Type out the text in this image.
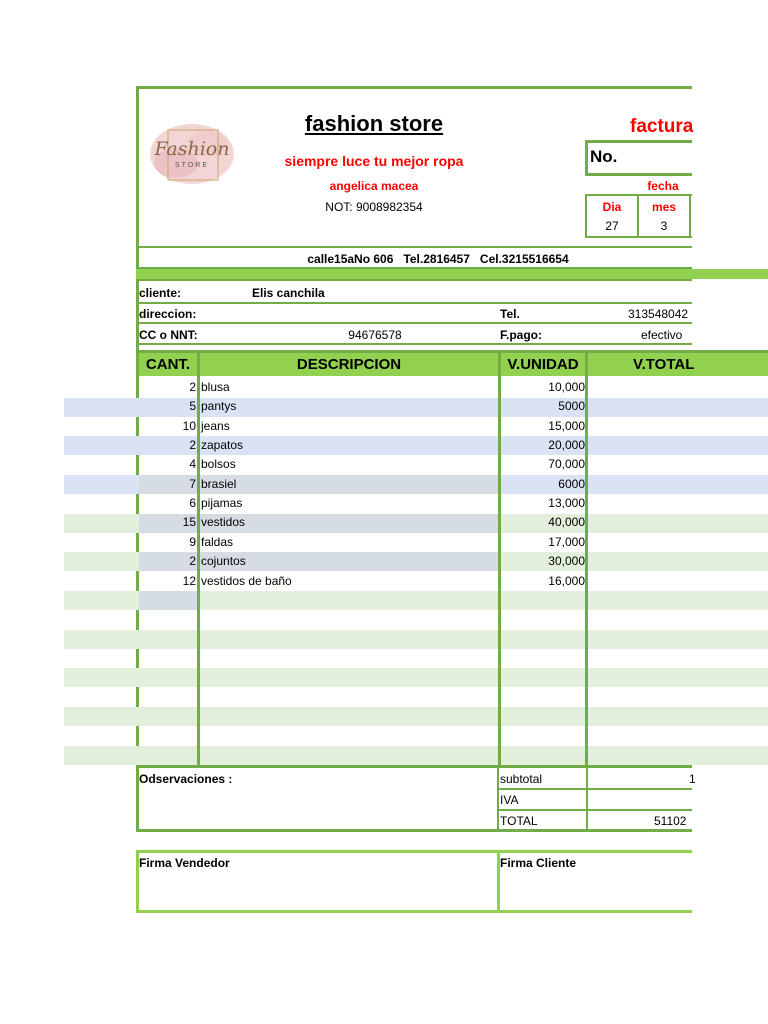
Fashion
STORE
fashion store
siempre luce tu mejor ropa
angelica macea
NOT: 9008982354
factura
No.
fecha
Dia	mes
27	3
calle15aNo 606   Tel.2816457   Cel.3215516654
cliente:	Elis canchila
direccion:	Tel.	313548042
CC o NNT:	94676578	F.pago:	efectivo
CANT.	DESCRIPCION	V.UNIDAD	V.TOTAL
2 blusa	10,000
5 pantys	5000
10 jeans	15,000
2 zapatos	20,000
4 bolsos	70,000
7 brasiel	6000
6 pijamas	13,000
15 vestidos	40,000
9 faldas	17,000
2 cojuntos	30,000
12 vestidos de baño	16,000
Odservaciones :	subtotal	1
IVA
TOTAL	51102
Firma Vendedor	Firma Cliente
